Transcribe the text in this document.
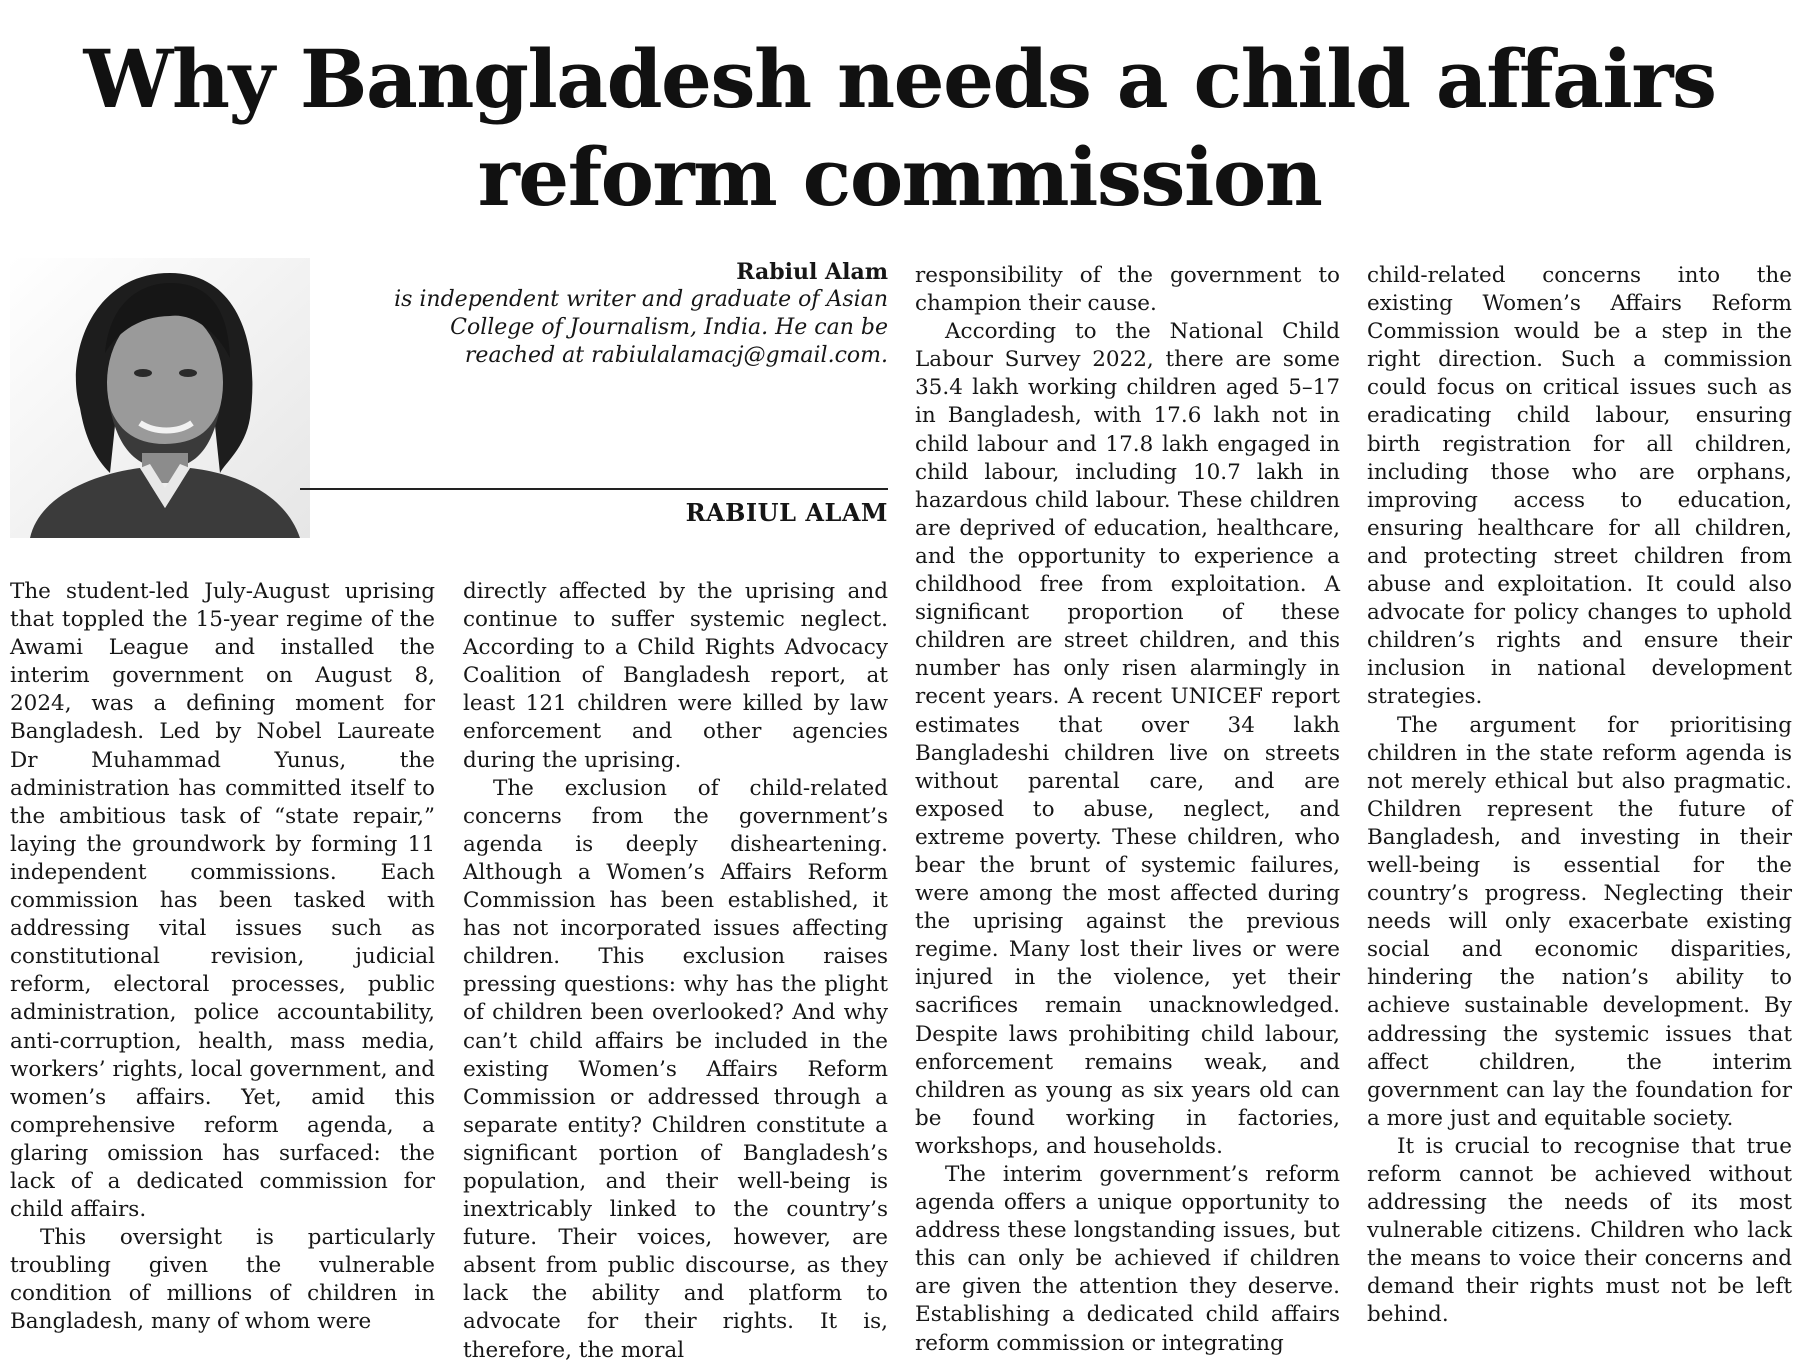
Why Bangladesh needs a child affairs reform commission
Rabiul Alam
is independent writer and graduate of Asian College of Journalism, India. He can be reached at rabiulalamacj@gmail.com.
RABIUL ALAM

The student-led July-August uprising that toppled the 15-year regime of the Awami League and installed the interim government on August 8, 2024, was a defining moment for Bangladesh. Led by Nobel Laureate Dr Muhammad Yunus, the administration has committed itself to the ambitious task of “state repair,” laying the groundwork by forming 11 independent commissions. Each commission has been tasked with addressing vital issues such as constitutional revision, judicial reform, electoral processes, public administration, police accountability, anti-corruption, health, mass media, workers’ rights, local government, and women’s affairs. Yet, amid this comprehensive reform agenda, a glaring omission has surfaced: the lack of a dedicated commission for child affairs.

This oversight is particularly troubling given the vulnerable condition of millions of children in Bangladesh, many of whom were

directly affected by the uprising and continue to suffer systemic neglect. According to a Child Rights Advocacy Coalition of Bangladesh report, at least 121 children were killed by law enforcement and other agencies during the uprising.

The exclusion of child-related concerns from the government’s agenda is deeply disheartening. Although a Women’s Affairs Reform Commission has been established, it has not incorporated issues affecting children. This exclusion raises pressing questions: why has the plight of children been overlooked? And why can’t child affairs be included in the existing Women’s Affairs Reform Commission or addressed through a separate entity? Children constitute a significant portion of Bangladesh’s population, and their well-being is inextricably linked to the country’s future. Their voices, however, are absent from public discourse, as they lack the ability and platform to advocate for their rights. It is, therefore, the moral

responsibility of the government to champion their cause.

According to the National Child Labour Survey 2022, there are some 35.4 lakh working children aged 5–17 in Bangladesh, with 17.6 lakh not in child labour and 17.8 lakh engaged in child labour, including 10.7 lakh in hazardous child labour. These children are deprived of education, healthcare, and the opportunity to experience a childhood free from exploitation. A significant proportion of these children are street children, and this number has only risen alarmingly in recent years. A recent UNICEF report estimates that over 34 lakh Bangladeshi children live on streets without parental care, and are exposed to abuse, neglect, and extreme poverty. These children, who bear the brunt of systemic failures, were among the most affected during the uprising against the previous regime. Many lost their lives or were injured in the violence, yet their sacrifices remain unacknowledged. Despite laws prohibiting child labour, enforcement remains weak, and children as young as six years old can be found working in factories, workshops, and households.

The interim government’s reform agenda offers a unique opportunity to address these longstanding issues, but this can only be achieved if children are given the attention they deserve. Establishing a dedicated child affairs reform commission or integrating

child-related concerns into the existing Women’s Affairs Reform Commission would be a step in the right direction. Such a commission could focus on critical issues such as eradicating child labour, ensuring birth registration for all children, including those who are orphans, improving access to education, ensuring healthcare for all children, and protecting street children from abuse and exploitation. It could also advocate for policy changes to uphold children’s rights and ensure their inclusion in national development strategies.

The argument for prioritising children in the state reform agenda is not merely ethical but also pragmatic. Children represent the future of Bangladesh, and investing in their well-being is essential for the country’s progress. Neglecting their needs will only exacerbate existing social and economic disparities, hindering the nation’s ability to achieve sustainable development. By addressing the systemic issues that affect children, the interim government can lay the foundation for a more just and equitable society.

It is crucial to recognise that true reform cannot be achieved without addressing the needs of its most vulnerable citizens. Children who lack the means to voice their concerns and demand their rights must not be left behind.
